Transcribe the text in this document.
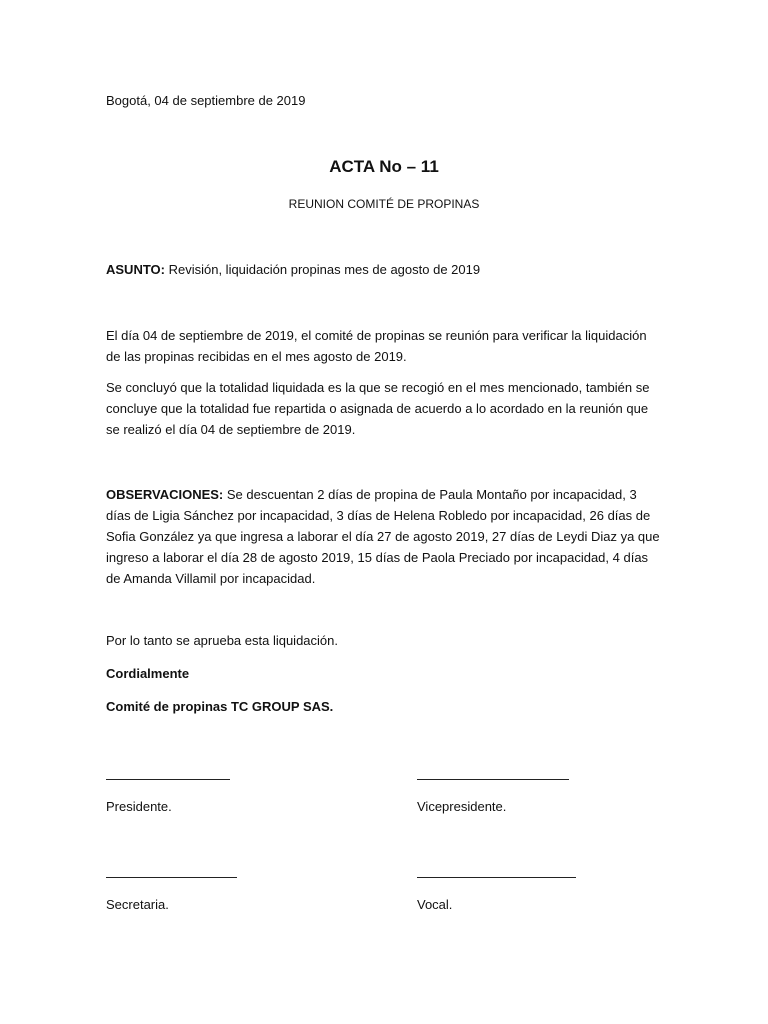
Bogotá, 04 de septiembre de 2019
ACTA No – 11
REUNION COMITÉ DE PROPINAS
ASUNTO: Revisión, liquidación propinas mes de agosto de 2019

El día 04 de septiembre de 2019, el comité de propinas se reunión para verificar la liquidación de las propinas recibidas en el mes agosto de 2019.

Se concluyó que la totalidad liquidada es la que se recogió en el mes mencionado, también se concluye que la totalidad fue repartida o asignada de acuerdo a lo acordado en la reunión que se realizó el día 04 de septiembre de 2019.

OBSERVACIONES: Se descuentan 2 días de propina de Paula Montaño por incapacidad, 3 días de Ligia Sánchez por incapacidad, 3 días de Helena Robledo por incapacidad, 26 días de Sofia González ya que ingresa a laborar el día 27 de agosto 2019, 27 días de Leydi Diaz ya que ingreso a laborar el día 28 de agosto 2019, 15 días de Paola Preciado por incapacidad, 4 días de Amanda Villamil por incapacidad.
Por lo tanto se aprueba esta liquidación.
Cordialmente
Comité de propinas TC GROUP SAS.
Presidente.	Vicepresidente.
Secretaria.	Vocal.
